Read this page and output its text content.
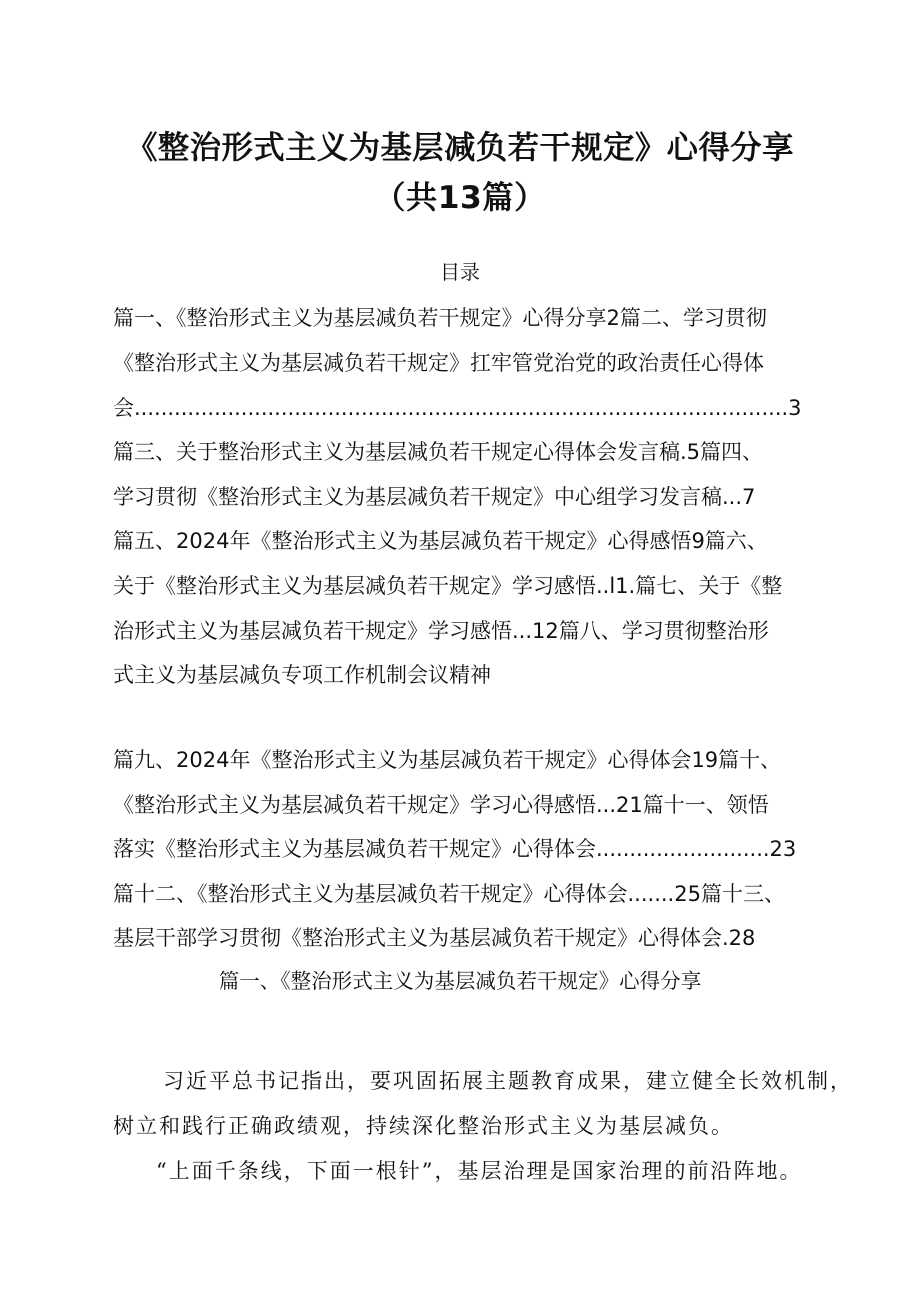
《整治形式主义为基层减负若干规定》心得分享
（共13篇）
目录
篇一、《整治形式主义为基层减负若干规定》心得分享2篇二、学习贯彻
《整治形式主义为基层减负若干规定》扛牢管党治党的政治责任心得体
会..................................................................................................3
篇三、关于整治形式主义为基层减负若干规定心得体会发言稿.5篇四、
学习贯彻《整治形式主义为基层减负若干规定》中心组学习发言稿...7
篇五、2024年《整治形式主义为基层减负若干规定》心得感悟9篇六、
关于《整治形式主义为基层减负若干规定》学习感悟..l1.篇七、关于《整
治形式主义为基层减负若干规定》学习感悟...12篇八、学习贯彻整治形
式主义为基层减负专项工作机制会议精神
篇九、2024年《整治形式主义为基层减负若干规定》心得体会19篇十、
《整治形式主义为基层减负若干规定》学习心得感悟...21篇十一、领悟
落实《整治形式主义为基层减负若干规定》心得体会..........................23
篇十二、《整治形式主义为基层减负若干规定》心得体会.......25篇十三、
基层干部学习贯彻《整治形式主义为基层减负若干规定》心得体会.28
篇一、《整治形式主义为基层减负若干规定》心得分享
习近平总书记指出，要巩固拓展主题教育成果，建立健全长效机制，
树立和践行正确政绩观，持续深化整治形式主义为基层减负。
“上面千条线，下面一根针”，基层治理是国家治理的前沿阵地。
